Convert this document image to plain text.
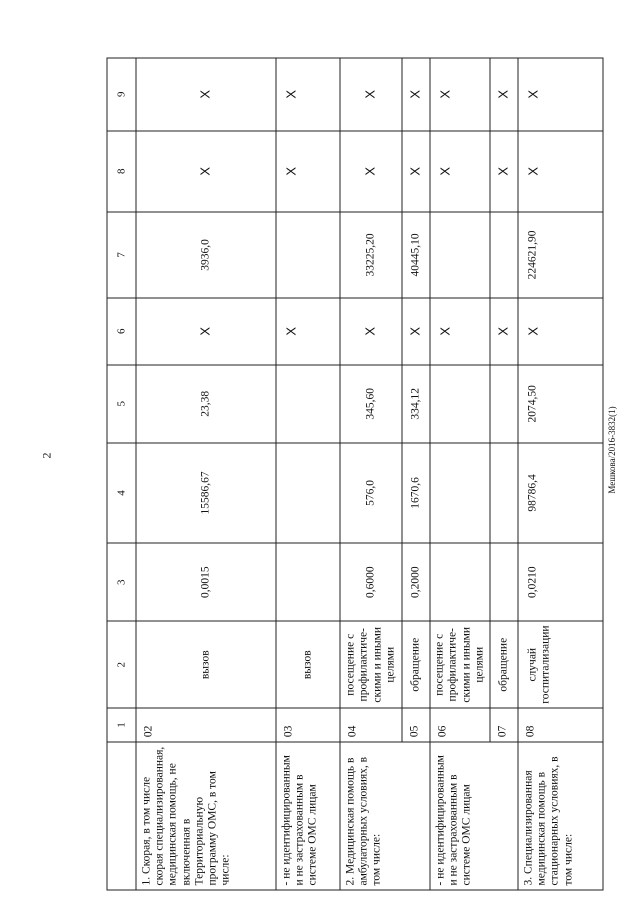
2	Мешкова/2016-3832(1)
	1	2	3	4	5	6	7	8	9
1. Скорая, в том числе скорая специализированная, медицинская помощь, не включенная в Территориальную программу ОМС, в том числе:	02	вызов	0,0015	15586,67	23,38	X	3936,0	X	X
- не идентифицированным и не застрахованным в системе ОМС лицам	03	вызов				X		X	X
2. Медицинская помощь в амбулаторных условиях, в том числе:	04	посещение с профилактиче-скими и иными целями	0,6000	576,0	345,60	X	33225,20	X	X
	05	обращение	0,2000	1670,6	334,12	X	40445,10	X	X
- не идентифицированным и не застрахованным в системе ОМС лицам	06	посещение с профилактиче-скими и иными целями				X		X	X
	07	обращение				X		X	X
3. Специализированная медицинская помощь в стационарных условиях, в том числе:	08	случай госпитализации	0,0210	98786,4	2074,50	X	224621,90	X	X
